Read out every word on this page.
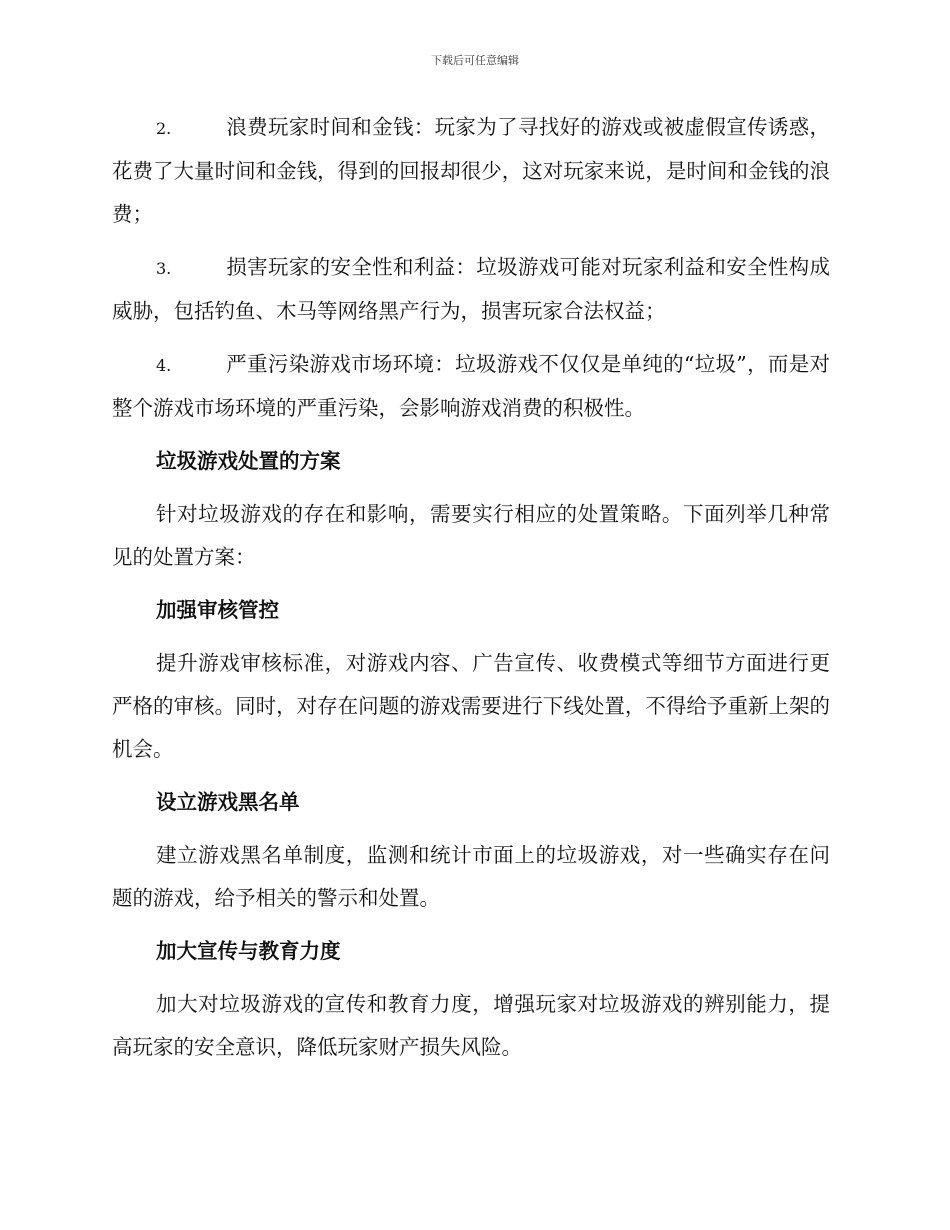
下载后可任意编辑

2.	浪费玩家时间和金钱：玩家为了寻找好的游戏或被虚假宣传诱惑，花费了大量时间和金钱，得到的回报却很少，这对玩家来说，是时间和金钱的浪费；

3.	损害玩家的安全性和利益：垃圾游戏可能对玩家利益和安全性构成威胁，包括钓鱼、木马等网络黑产行为，损害玩家合法权益；

4.	严重污染游戏市场环境：垃圾游戏不仅仅是单纯的“垃圾”，而是对整个游戏市场环境的严重污染，会影响游戏消费的积极性。

垃圾游戏处置的方案

针对垃圾游戏的存在和影响，需要实行相应的处置策略。下面列举几种常见的处置方案：

加强审核管控

提升游戏审核标准，对游戏内容、广告宣传、收费模式等细节方面进行更严格的审核。同时，对存在问题的游戏需要进行下线处置，不得给予重新上架的机会。

设立游戏黑名单

建立游戏黑名单制度，监测和统计市面上的垃圾游戏，对一些确实存在问题的游戏，给予相关的警示和处置。

加大宣传与教育力度

加大对垃圾游戏的宣传和教育力度，增强玩家对垃圾游戏的辨别能力，提高玩家的安全意识，降低玩家财产损失风险。
